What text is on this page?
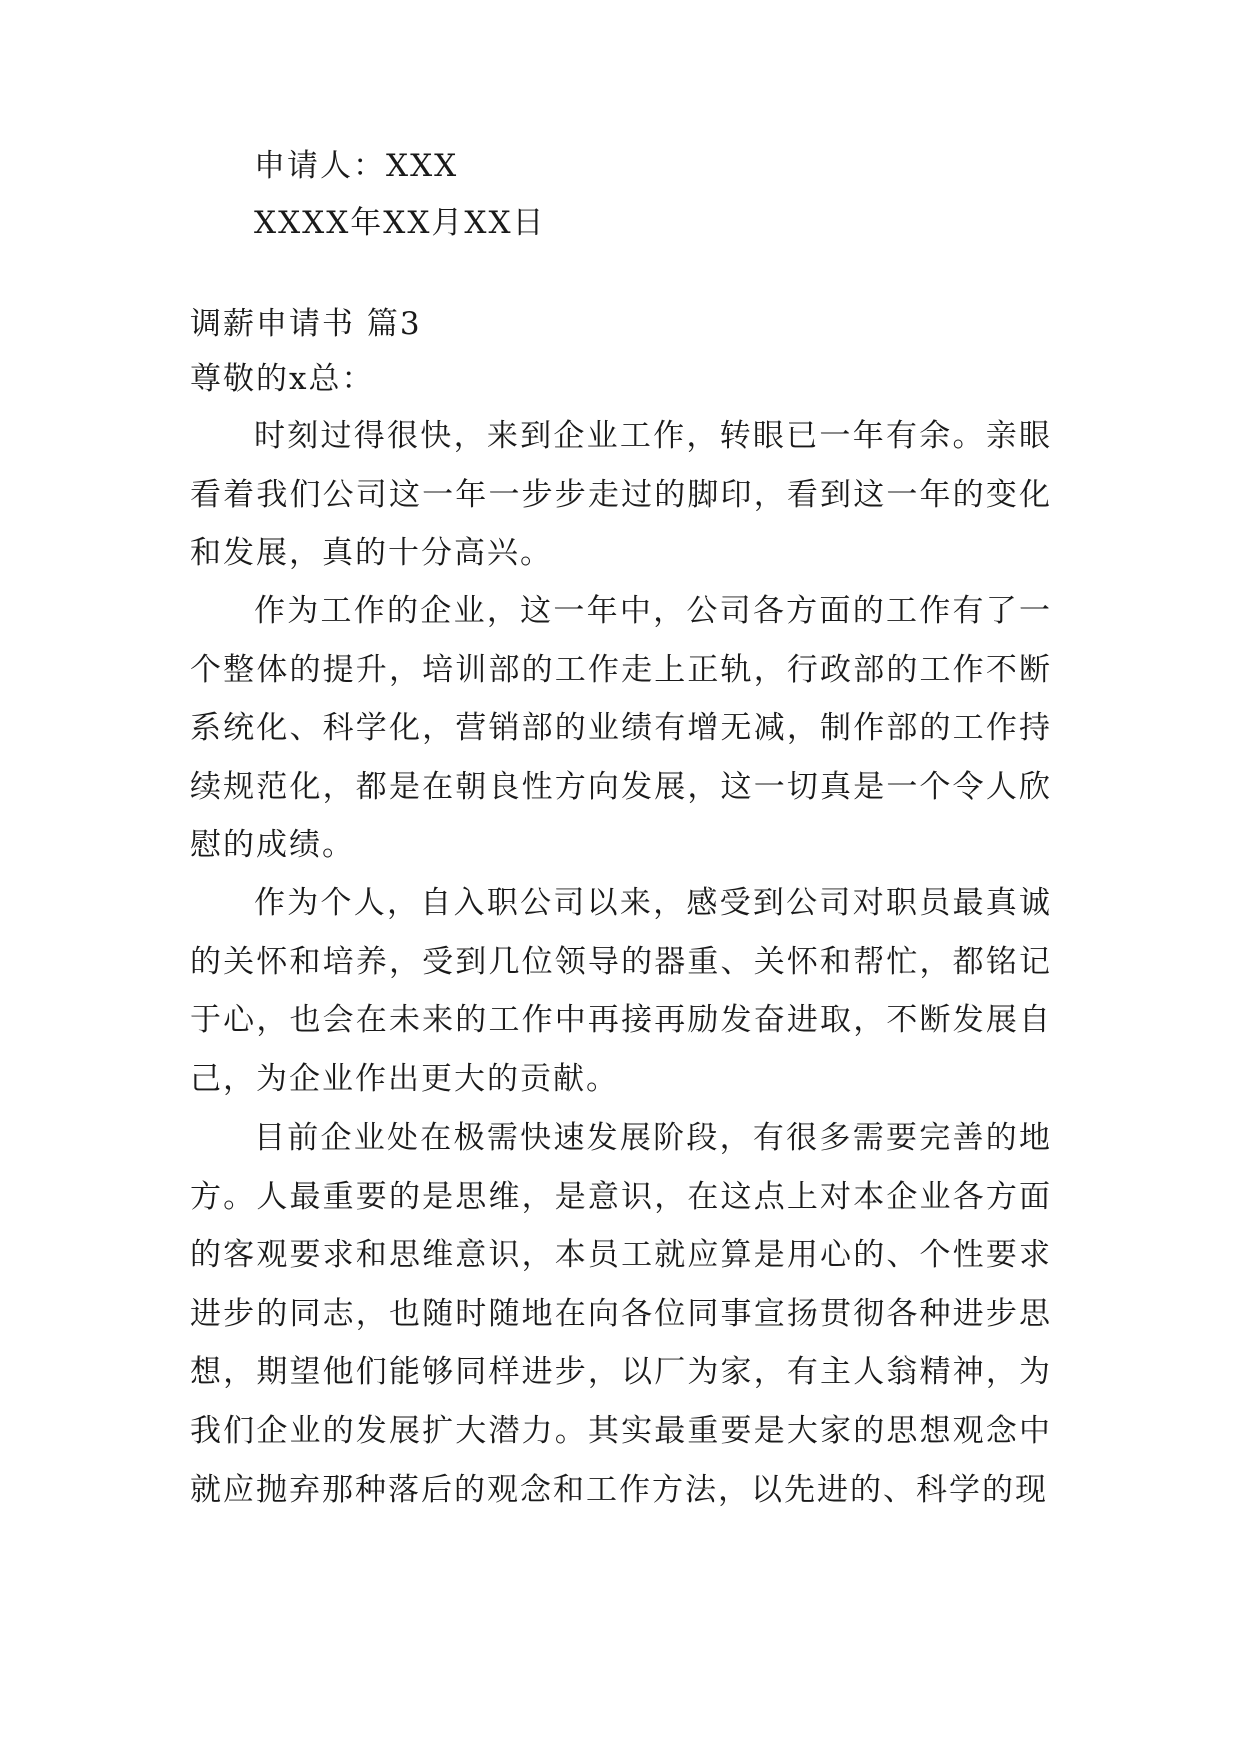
申请人：XXX

XXXX年XX月XX日

调薪申请书 篇3

尊敬的x总：

时刻过得很快，来到企业工作，转眼已一年有余。亲眼看着我们公司这一年一步步走过的脚印，看到这一年的变化和发展，真的十分高兴。

作为工作的企业，这一年中，公司各方面的工作有了一个整体的提升，培训部的工作走上正轨，行政部的工作不断系统化、科学化，营销部的业绩有增无减，制作部的工作持续规范化，都是在朝良性方向发展，这一切真是一个令人欣慰的成绩。

作为个人，自入职公司以来，感受到公司对职员最真诚的关怀和培养，受到几位领导的器重、关怀和帮忙，都铭记于心，也会在未来的工作中再接再励发奋进取，不断发展自己，为企业作出更大的贡献。

目前企业处在极需快速发展阶段，有很多需要完善的地方。人最重要的是思维，是意识，在这点上对本企业各方面的客观要求和思维意识，本员工就应算是用心的、个性要求进步的同志，也随时随地在向各位同事宣扬贯彻各种进步思想，期望他们能够同样进步，以厂为家，有主人翁精神，为我们企业的发展扩大潜力。其实最重要是大家的思想观念中就应抛弃那种落后的观念和工作方法，以先进的、科学的现
